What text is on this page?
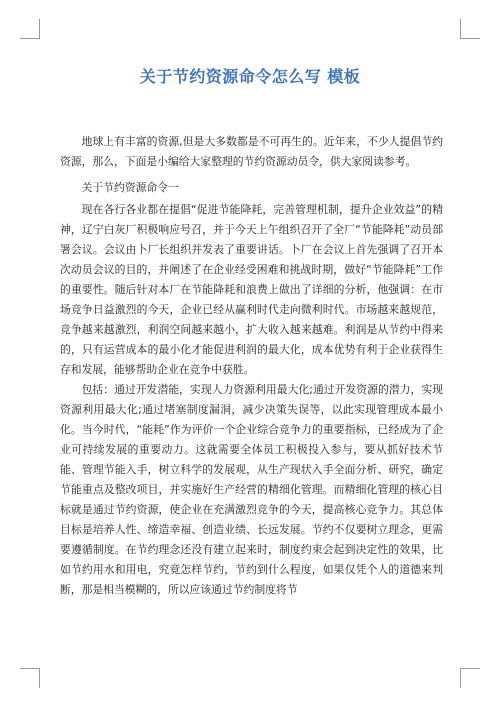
关于节约资源命令怎么写 模板

地球上有丰富的资源,但是大多数都是不可再生的。近年来，不少人提倡节约资源，那么，下面是小编给大家整理的节约资源动员令，供大家阅读参考。

关于节约资源命令一

现在各行各业都在提倡“促进节能降耗，完善管理机制，提升企业效益”的精神，辽宁白灰厂积极响应号召，并于今天上午组织召开了全厂“节能降耗”动员部署会议。会议由卜厂长组织并发表了重要讲话。卜厂在会议上首先强调了召开本次动员会议的目的，并阐述了在企业经受困难和挑战时期，做好“节能降耗”工作的重要性。随后针对本厂在节能降耗和浪费上做出了详细的分析，他强调：在市场竞争日益激烈的今天，企业已经从赢利时代走向微利时代。市场越来越规范，竞争越来越激烈，利润空间越来越小，扩大收入越来越难。利润是从节约中得来的，只有运营成本的最小化才能促进利润的最大化，成本优势有利于企业获得生存和发展，能够帮助企业在竞争中获胜。

包括：通过开发潜能，实现人力资源利用最大化;通过开发资源的潜力，实现资源利用最大化;通过堵塞制度漏洞，减少决策失误等，以此实现管理成本最小化。当今时代，“能耗”作为评价一个企业综合竞争力的重要指标，已经成为了企业可持续发展的重要动力。这就需要全体员工积极投入参与，要从抓好技术节能、管理节能入手，树立科学的发展观，从生产现状入手全面分析、研究，确定节能重点及整改项目，并实施好生产经营的精细化管理。而精细化管理的核心目标就是通过节约资源，使企业在充满激烈竞争的今天，提高核心竞争力。其总体目标是培养人性、缔造幸福、创造业绩、长远发展。节约不仅要树立理念，更需要遵循制度。在节约理念还没有建立起来时，制度约束会起到决定性的效果，比如节约用水和用电，究竟怎样节约，节约到什么程度，如果仅凭个人的道德来判断，那是相当模糊的，所以应该通过节约制度将节
